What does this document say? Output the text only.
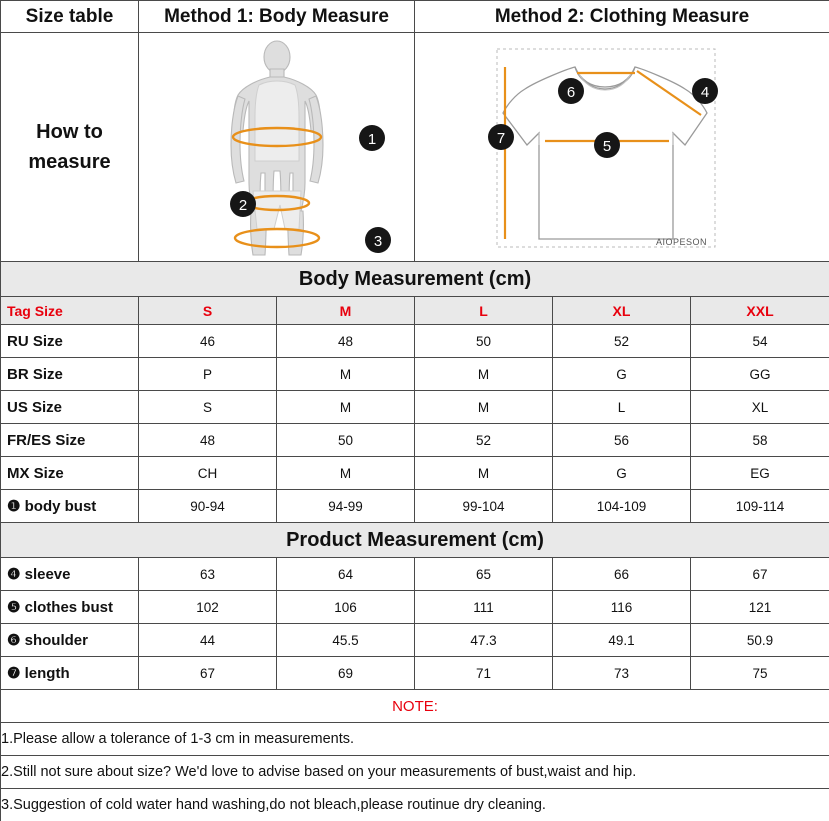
Size table	Method 1: Body Measure		Method 2: Clothing Measure		

How to
measure

1
2
3

4
5
6
7
AIOPESON

Body Measurement (cm)					
Tag Size	S	M	L	XL	XXL
RU Size	46	48	50	52	54
BR Size	P	M	M	G	GG
US Size	S	M	M	L	XL
FR/ES Size	48	50	52	56	58
MX Size	CH	M	M	G	EG
❶ body bust	90-94	94-99	99-104	104-109	109-114
Product Measurement (cm)					
❹ sleeve	63	64	65	66	67
❺ clothes bust	102	106	111	116	121
❻ shoulder	44	45.5	47.3	49.1	50.9
❼ length	67	69	71	73	75
NOTE:					
1.Please allow a tolerance of 1-3 cm in measurements.					
2.Still not sure about size? We'd love to advise based on your measurements of bust,waist and hip.					
3.Suggestion of cold water hand washing,do not bleach,please routinue dry cleaning.					
